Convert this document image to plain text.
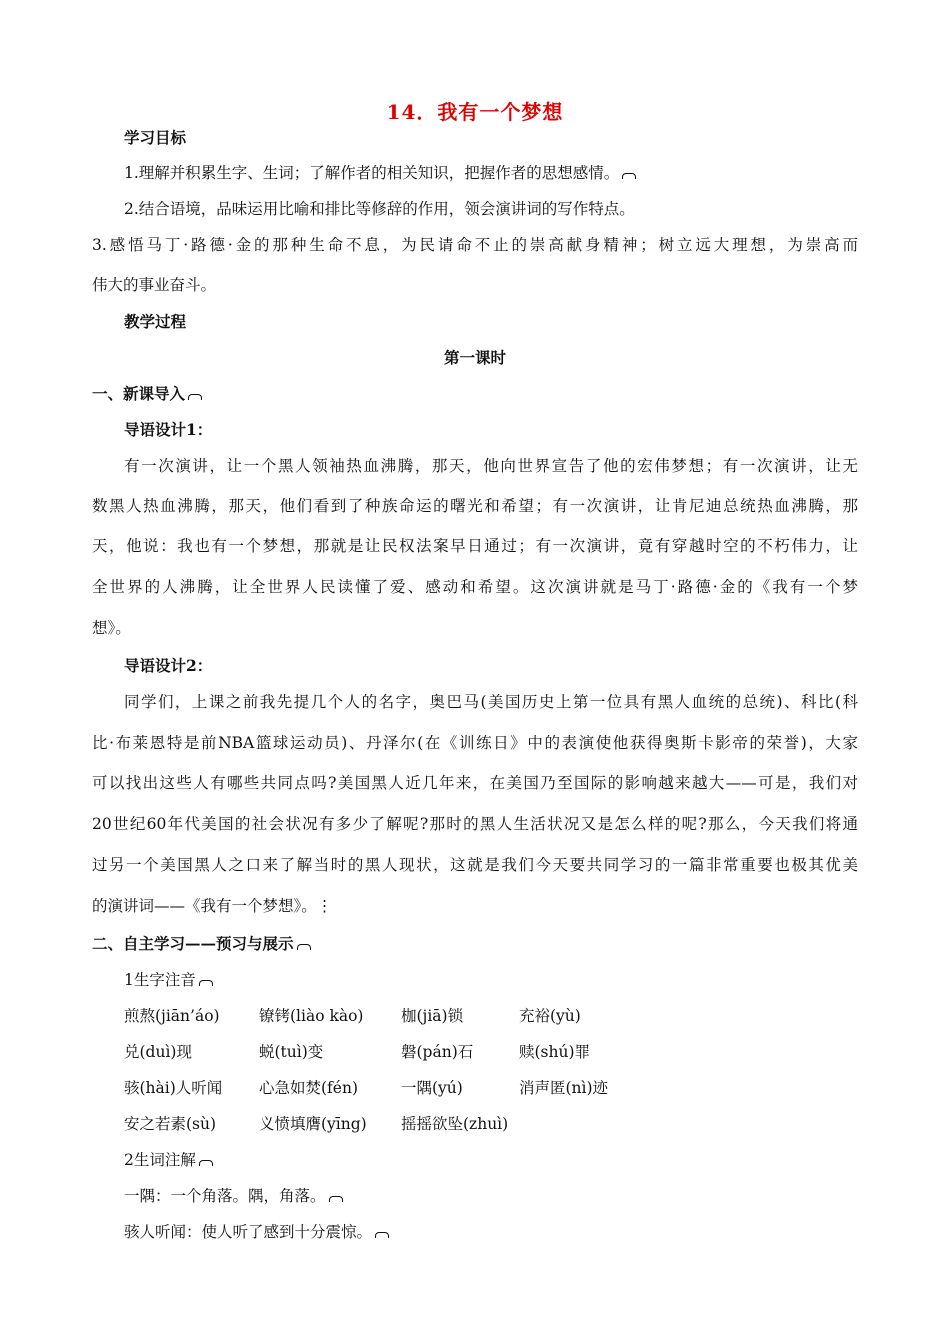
14．我有一个梦想
学习目标
1.理解并积累生字、生词；了解作者的相关知识，把握作者的思想感情。
2.结合语境，品味运用比喻和排比等修辞的作用，领会演讲词的写作特点。
3.感悟马丁·路德·金的那种生命不息，为民请命不止的崇高献身精神；树立远大理想，为崇高而
伟大的事业奋斗。
教学过程
第一课时
一、新课导入
导语设计1：
有一次演讲，让一个黑人领袖热血沸腾，那天，他向世界宣告了他的宏伟梦想；有一次演讲，让无
数黑人热血沸腾，那天，他们看到了种族命运的曙光和希望；有一次演讲，让肯尼迪总统热血沸腾，那
天，他说：我也有一个梦想，那就是让民权法案早日通过；有一次演讲，竟有穿越时空的不朽伟力，让
全世界的人沸腾，让全世界人民读懂了爱、感动和希望。这次演讲就是马丁·路德·金的《我有一个梦
想》。
导语设计2：
同学们，上课之前我先提几个人的名字，奥巴马(美国历史上第一位具有黑人血统的总统)、科比(科
比·布莱恩特是前NBA篮球运动员)、丹泽尔(在《训练日》中的表演使他获得奥斯卡影帝的荣誉)，大家
可以找出这些人有哪些共同点吗?美国黑人近几年来，在美国乃至国际的影响越来越大——可是，我们对
20世纪60年代美国的社会状况有多少了解呢?那时的黑人生活状况又是怎么样的呢?那么，今天我们将通
过另一个美国黑人之口来了解当时的黑人现状，这就是我们今天要共同学习的一篇非常重要也极其优美
的演讲词——《我有一个梦想》。⋮
二、自主学习——预习与展示
1生字注音
煎熬(jiān’áo)	镣铐(liào kào) 枷(jiā)锁	充裕(yù)
兑(duì)现	蜕(tuì)变	磐(pán)石	赎(shú)罪
骇(hài)人听闻 心急如焚(fén)	一隅(yú)	消声匿(nì)迹
安之若素(sù)	义愤填膺(yīng) 摇摇欲坠(zhuì)
2生词注解
一隅：一个角落。隅，角落。
骇人听闻：使人听了感到十分震惊。
